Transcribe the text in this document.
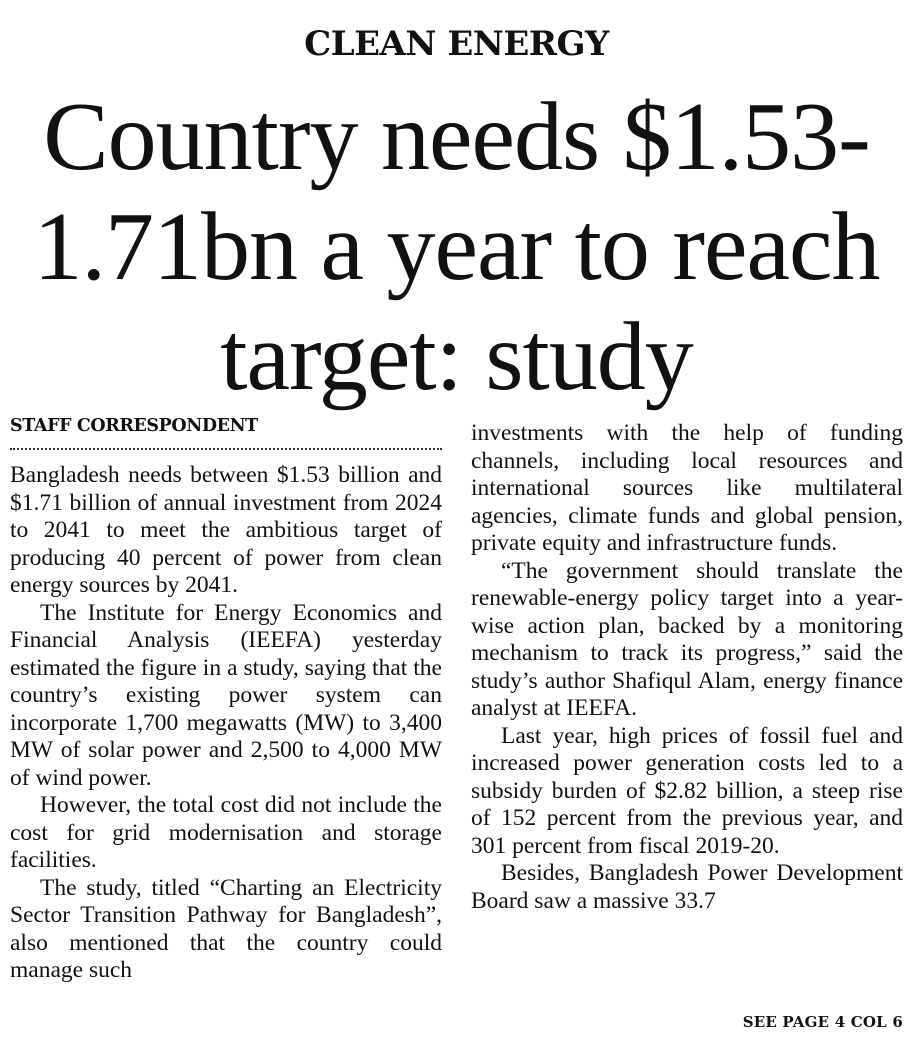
CLEAN ENERGY
Country needs $1.53-1.71bn a year to reach target: study
STAFF CORRESPONDENT

Bangladesh needs between $1.53 billion and $1.71 billion of annual investment from 2024 to 2041 to meet the ambitious target of producing 40 percent of power from clean energy sources by 2041.

The Institute for Energy Economics and Financial Analysis (IEEFA) yesterday estimated the figure in a study, saying that the country’s existing power system can incorporate 1,700 megawatts (MW) to 3,400 MW of solar power and 2,500 to 4,000 MW of wind power.

However, the total cost did not include the cost for grid modernisation and storage facilities.

The study, titled “Charting an Electricity Sector Transition Pathway for Bangladesh”, also mentioned that the country could manage such

investments with the help of funding channels, including local resources and international sources like multilateral agencies, climate funds and global pension, private equity and infrastructure funds.

“The government should translate the renewable-energy policy target into a year-wise action plan, backed by a monitoring mechanism to track its progress,” said the study’s author Shafiqul Alam, energy finance analyst at IEEFA.

Last year, high prices of fossil fuel and increased power generation costs led to a subsidy burden of $2.82 billion, a steep rise of 152 percent from the previous year, and 301 percent from fiscal 2019-20.

Besides, Bangladesh Power Development Board saw a massive 33.7

SEE PAGE 4 COL 6
